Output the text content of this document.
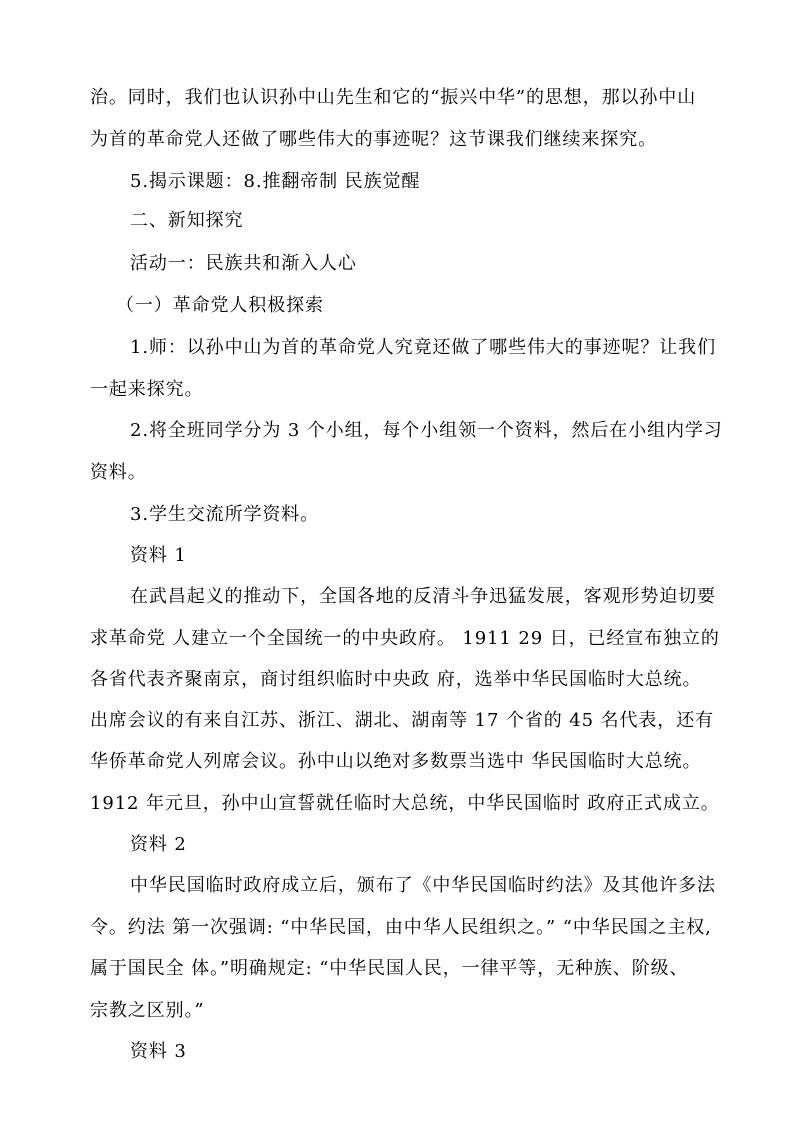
治。同时，我们也认识孙中山先生和它的“振兴中华”的思想，那以孙中山
为首的革命党人还做了哪些伟大的事迹呢？这节课我们继续来探究。
5.揭示课题：8.推翻帝制 民族觉醒
二、新知探究
活动一：民族共和渐入人心
（一）革命党人积极探索
1.师：以孙中山为首的革命党人究竟还做了哪些伟大的事迹呢？让我们
一起来探究。
2.将全班同学分为 3 个小组，每个小组领一个资料，然后在小组内学习
资料。
3.学生交流所学资料。
资料 1
在武昌起义的推动下，全国各地的反清斗争迅猛发展，客观形势迫切要
求革命党 人建立一个全国统一的中央政府。 1911 29 日，已经宣布独立的
各省代表齐聚南京，商讨组织临时中央政 府，选举中华民国临时大总统。
出席会议的有来自江苏、浙江、湖北、湖南等 17 个省的 45 名代表，还有
华侨革命党人列席会议。孙中山以绝对多数票当选中 华民国临时大总统。
1912 年元旦，孙中山宣誓就任临时大总统，中华民国临时 政府正式成立。
资料 2
中华民国临时政府成立后，颁布了《中华民国临时约法》及其他许多法
令。约法 第一次强调: “中华民国，由中华人民组织之。” “中华民国之主权,
属于国民全 体。”明确规定: “中华民国人民，一律平等，无种族、阶级、
宗教之区别。”
资料 3
